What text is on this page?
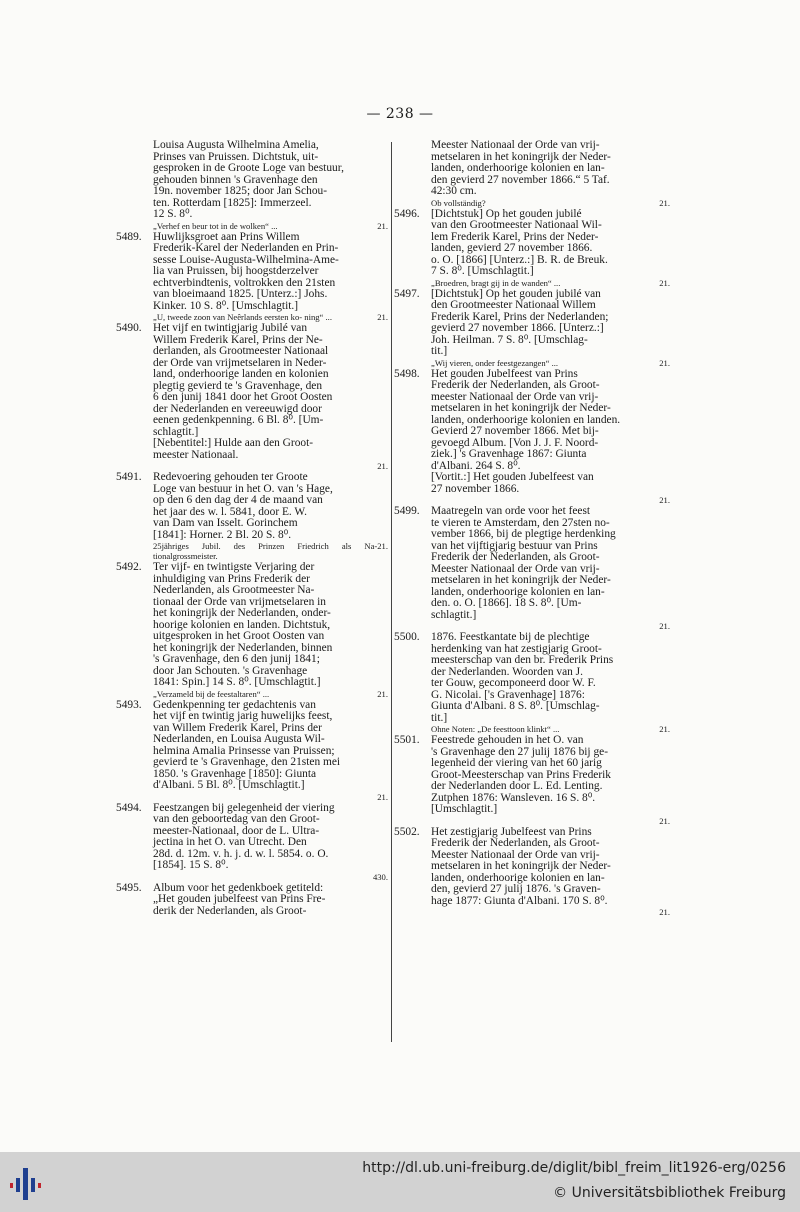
— 238 —
Louisa Augusta Wilhelmina Amelia,
Prinses van Pruissen. Dichtstuk, uit-
gesproken in de Groote Loge van bestuur,
gehouden binnen 's Gravenhage den
19n. november 1825; door Jan Schou-
ten. Rotterdam [1825]: Immerzeel.
12 S. 8⁰.
21.
„Verhef en beur tot in de wolken“ ...
5489. Huwlijksgroet aan Prins Willem
Frederik-Karel der Nederlanden en Prin-
sesse Louise-Augusta-Wilhelmina-Ame-
lia van Pruissen, bij hoogstderzelver
echtverbindtenis, voltrokken den 21sten
van bloeimaand 1825. [Unterz.:] Johs.
Kinker. 10 S. 8⁰. [Umschlagtit.]
21.
„U, tweede zoon van Neêrlands eersten ko- ning“ ...
5490. Het vijf en twintigjarig Jubilé van
Willem Frederik Karel, Prins der Ne-
derlanden, als Grootmeester Nationaal
der Orde van vrijmetselaren in Neder-
land, onderhoorige landen en kolonien
plegtig gevierd te 's Gravenhage, den
6 den junij 1841 door het Groot Oosten
der Nederlanden en vereeuwigd door
eenen gedenkpenning. 6 Bl. 8⁰. [Um-
schlagtit.]
[Nebentitel:] Hulde aan den Groot-
meester Nationaal.
21.
5491. Redevoering gehouden ter Groote
Loge van bestuur in het O. van 's Hage,
op den 6 den dag der 4 de maand van
het jaar des w. l. 5841, door E. W.
van Dam van Isselt. Gorinchem
[1841]: Horner. 2 Bl. 20 S. 8⁰.
21.
25jähriges Jubil. des Prinzen Friedrich als Na- tionalgrossmeister.
5492. Ter vijf- en twintigste Verjaring der
inhuldiging van Prins Frederik der
Nederlanden, als Grootmeester Na-
tionaal der Orde van vrijmetselaren in
het koningrijk der Nederlanden, onder-
hoorige kolonien en landen. Dichtstuk,
uitgesproken in het Groot Oosten van
het koningrijk der Nederlanden, binnen
's Gravenhage, den 6 den junij 1841;
door Jan Schouten. 's Gravenhage
1841: Spin.] 14 S. 8⁰. [Umschlagtit.]
21.
„Verzameld bij de feestaltaren“ ...
5493. Gedenkpenning ter gedachtenis van
het vijf en twintig jarig huwelijks feest,
van Willem Frederik Karel, Prins der
Nederlanden, en Louisa Augusta Wil-
helmina Amalia Prinsesse van Pruissen;
gevierd te 's Gravenhage, den 21sten mei
1850. 's Gravenhage [1850]: Giunta
d'Albani. 5 Bl. 8⁰. [Umschlagtit.]
21.
5494. Feestzangen bij gelegenheid der viering
van den geboortedag van den Groot-
meester-Nationaal, door de L. Ultra-
jectina in het O. van Utrecht. Den
28d. d. 12m. v. h. j. d. w. l. 5854. o. O.
[1854]. 15 S. 8⁰.
430.
5495. Album voor het gedenkboek getiteld:
„Het gouden jubelfeest van Prins Fre-
derik der Nederlanden, als Groot-
Meester Nationaal der Orde van vrij-
metselaren in het koningrijk der Neder-
landen, onderhoorige kolonien en lan-
den gevierd 27 november 1866.“ 5 Taf.
42:30 cm.
21.
Ob vollständig?
5496. [Dichtstuk] Op het gouden jubilé
van den Grootmeester Nationaal Wil-
lem Frederik Karel, Prins der Neder-
landen, gevierd 27 november 1866.
o. O. [1866] [Unterz.:] B. R. de Breuk.
7 S. 8⁰. [Umschlagtit.]
21.
„Broedren, bragt gij in de wanden“ ...
5497. [Dichtstuk] Op het gouden jubilé van
den Grootmeester Nationaal Willem
Frederik Karel, Prins der Nederlanden;
gevierd 27 november 1866. [Unterz.:]
Joh. Heilman. 7 S. 8⁰. [Umschlag-
tit.]
21.
„Wij vieren, onder feestgezangen“ ...
5498. Het gouden Jubelfeest van Prins
Frederik der Nederlanden, als Groot-
meester Nationaal der Orde van vrij-
metselaren in het koningrijk der Neder-
landen, onderhoorige kolonien en landen.
Gevierd 27 november 1866. Met bij-
gevoegd Album. [Von J. J. F. Noord-
ziek.] 's Gravenhage 1867: Giunta
d'Albani. 264 S. 8⁰.
[Vortit.:] Het gouden Jubelfeest van
27 november 1866.
21.
5499. Maatregeln van orde voor het feest
te vieren te Amsterdam, den 27sten no-
vember 1866, bij de plegtige herdenking
van het vijftigjarig bestuur van Prins
Frederik der Nederlanden, als Groot-
Meester Nationaal der Orde van vrij-
metselaren in het koningrijk der Neder-
landen, onderhoorige kolonien en lan-
den. o. O. [1866]. 18 S. 8⁰. [Um-
schlagtit.]
21.
5500. 1876. Feestkantate bij de plechtige
herdenking van hat zestigjarig Groot-
meesterschap van den br. Frederik Prins
der Nederlanden. Woorden van J.
ter Gouw, gecomponeerd door W. F.
G. Nicolai. ['s Gravenhage] 1876:
Giunta d'Albani. 8 S. 8⁰. [Umschlag-
tit.]
21.
Ohne Noten: „De feesttoon klinkt“ ...
5501. Feestrede gehouden in het O. van
's Gravenhage den 27 julij 1876 bij ge-
legenheid der viering van het 60 jarig
Groot-Meesterschap van Prins Frederik
der Nederlanden door L. Ed. Lenting.
Zutphen 1876: Wansleven. 16 S. 8⁰.
[Umschlagtit.]
21.
5502. Het zestigjarig Jubelfeest van Prins
Frederik der Nederlanden, als Groot-
Meester Nationaal der Orde van vrij-
metselaren in het koningrijk der Neder-
landen, onderhoorige kolonien en lan-
den, gevierd 27 julij 1876. 's Graven-
hage 1877: Giunta d'Albani. 170 S. 8⁰.
21.
http://dl.ub.uni-freiburg.de/diglit/bibl_freim_lit1926-erg/0256
© Universitätsbibliothek Freiburg
